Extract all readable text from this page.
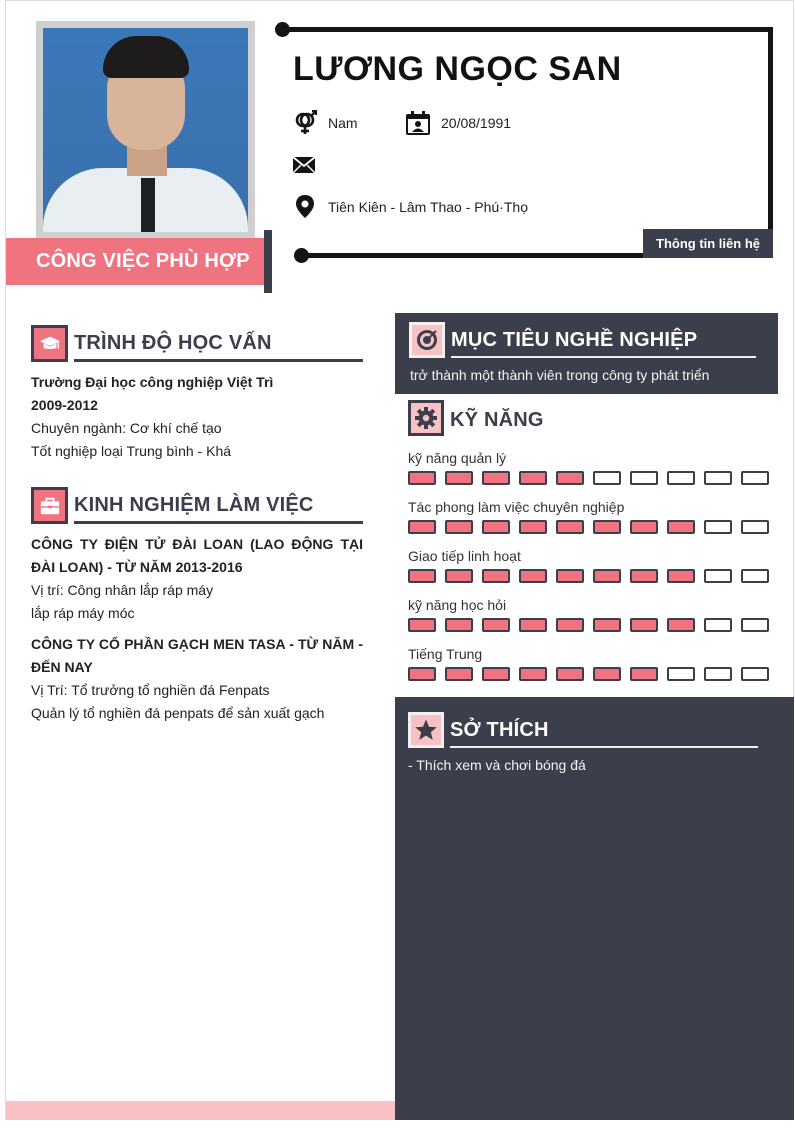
CÔNG VIỆC PHÙ HỢP
LƯƠNG NGỌC SAN
Nam	20/08/1991
Tiên Kiên - Lâm Thao - Phú·Thọ
Thông tin liên hệ
TRÌNH ĐỘ HỌC VẤN
Trường Đại học công nghiệp Việt Trì
2009-2012
Chuyên ngành: Cơ khí chế tạo
Tốt nghiệp loại Trung bình - Khá
KINH NGHIỆM LÀM VIỆC
CÔNG TY ĐIỆN TỬ ĐÀI LOAN (LAO ĐỘNG TẠI ĐÀI LOAN) - TỪ NĂM 2013-2016
Vị trí: Công nhân lắp ráp máy
lắp ráp máy móc
CÔNG TY CỔ PHẦN GẠCH MEN TASA - TỪ NĂM - ĐẾN NAY
Vị Trí: Tổ trưởng tổ nghiền đá Fenpats
Quản lý tổ nghiền đá penpats để sản xuất gạch
MỤC TIÊU NGHỀ NGHIỆP
trở thành một thành viên trong công ty phát triển
KỸ NĂNG
kỹ năng quản lý
Tác phong làm việc chuyên nghiệp
Giao tiếp linh hoạt
kỹ năng học hỏi
Tiếng Trung
SỞ THÍCH
- Thích xem và chơi bóng đá
